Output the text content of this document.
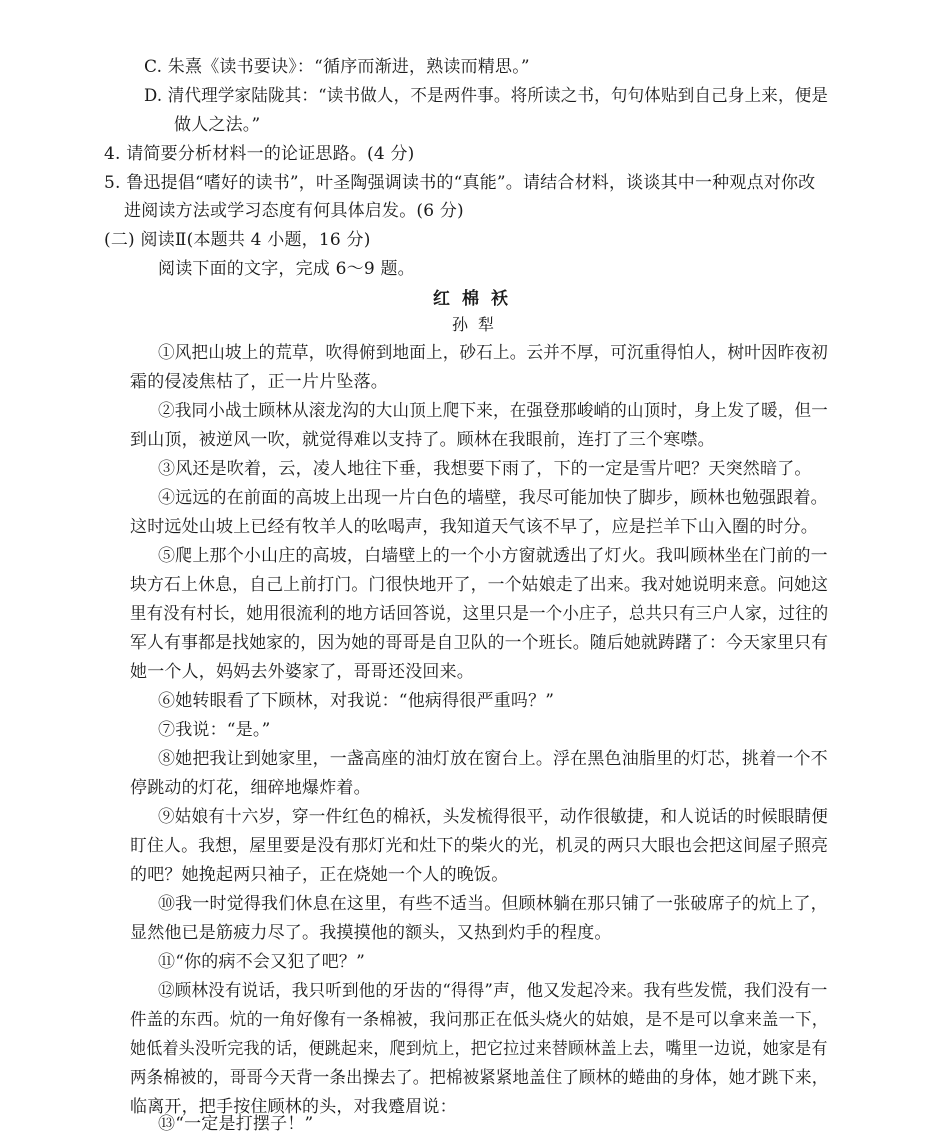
C. 朱熹《读书要诀》：“循序而渐进，熟读而精思。”
D. 清代理学家陆陇其：“读书做人，不是两件事。将所读之书，句句体贴到自己身上来，便是
做人之法。”
4. 请简要分析材料一的论证思路。(4 分)
5. 鲁迅提倡“嗜好的读书”，叶圣陶强调读书的“真能”。请结合材料，谈谈其中一种观点对你改
进阅读方法或学习态度有何具体启发。(6 分)
(二) 阅读Ⅱ(本题共 4 小题，16 分)
阅读下面的文字，完成 6～9 题。
红棉袄
孙犁
①风把山坡上的荒草，吹得俯到地面上，砂石上。云并不厚，可沉重得怕人，树叶因昨夜初
霜的侵凌焦枯了，正一片片坠落。
②我同小战士顾林从滚龙沟的大山顶上爬下来，在强登那峻峭的山顶时，身上发了暖，但一
到山顶，被逆风一吹，就觉得难以支持了。顾林在我眼前，连打了三个寒噤。
③风还是吹着，云，凌人地往下垂，我想要下雨了，下的一定是雪片吧？天突然暗了。
④远远的在前面的高坡上出现一片白色的墙壁，我尽可能加快了脚步，顾林也勉强跟着。
这时远处山坡上已经有牧羊人的吆喝声，我知道天气该不早了，应是拦羊下山入圈的时分。
⑤爬上那个小山庄的高坡，白墙壁上的一个小方窗就透出了灯火。我叫顾林坐在门前的一
块方石上休息，自己上前打门。门很快地开了，一个姑娘走了出来。我对她说明来意。问她这
里有没有村长，她用很流利的地方话回答说，这里只是一个小庄子，总共只有三户人家，过往的
军人有事都是找她家的，因为她的哥哥是自卫队的一个班长。随后她就踌躇了：今天家里只有
她一个人，妈妈去外婆家了，哥哥还没回来。
⑥她转眼看了下顾林，对我说：“他病得很严重吗？”
⑦我说：“是。”
⑧她把我让到她家里，一盏高座的油灯放在窗台上。浮在黑色油脂里的灯芯，挑着一个不
停跳动的灯花，细碎地爆炸着。
⑨姑娘有十六岁，穿一件红色的棉袄，头发梳得很平，动作很敏捷，和人说话的时候眼睛便
盯住人。我想，屋里要是没有那灯光和灶下的柴火的光，机灵的两只大眼也会把这间屋子照亮
的吧？她挽起两只袖子，正在烧她一个人的晚饭。
⑩我一时觉得我们休息在这里，有些不适当。但顾林躺在那只铺了一张破席子的炕上了，
显然他已是筋疲力尽了。我摸摸他的额头，又热到灼手的程度。
⑪“你的病不会又犯了吧？”
⑫顾林没有说话，我只听到他的牙齿的“得得”声，他又发起冷来。我有些发慌，我们没有一
件盖的东西。炕的一角好像有一条棉被，我问那正在低头烧火的姑娘，是不是可以拿来盖一下，
她低着头没听完我的话，便跳起来，爬到炕上，把它拉过来替顾林盖上去，嘴里一边说，她家是有
两条棉被的，哥哥今天背一条出操去了。把棉被紧紧地盖住了顾林的蜷曲的身体，她才跳下来，
临离开，把手按住顾林的头，对我蹙眉说：
⑬“一定是打摆子！”
